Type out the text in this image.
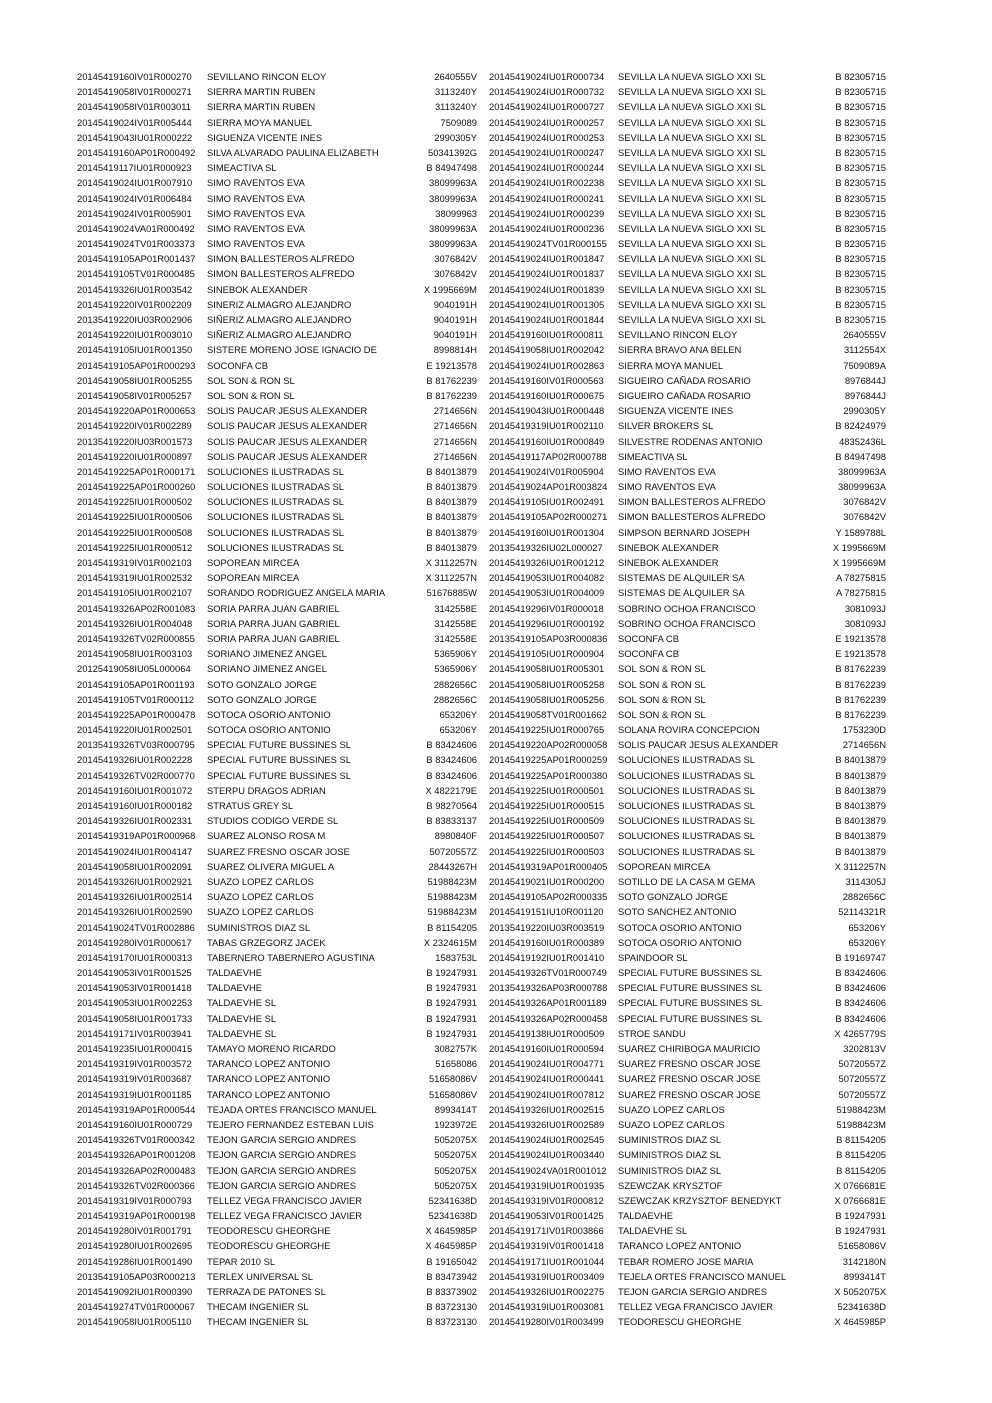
20145419160IV01R000270	SEVILLANO RINCON ELOY	2640555V
20145419058IV01R000271	SIERRA MARTIN RUBEN	3113240Y
20145419058IV01R003011	SIERRA MARTIN RUBEN	3113240Y
20145419024IV01R005444	SIERRA MOYA MANUEL	7509089
20145419043IU01R000222	SIGUENZA VICENTE INES	2990305Y
20145419160AP01R000492	SILVA ALVARADO PAULINA ELIZABETH	50341392G
20145419117IU01R000923	SIMEACTIVA SL	B 84947498
20145419024IU01R007910	SIMO RAVENTOS EVA	38099963A
20145419024IV01R006484	SIMO RAVENTOS EVA	38099963A
20145419024IV01R005901	SIMO RAVENTOS EVA	38099963
20145419024VA01R000492	SIMO RAVENTOS EVA	38099963A
20145419024TV01R003373	SIMO RAVENTOS EVA	38099963A
20145419105AP01R001437	SIMON BALLESTEROS ALFREDO	3076842V
20145419105TV01R000485	SIMON BALLESTEROS ALFREDO	3076842V
20145419326IU01R003542	SINEBOK ALEXANDER	X 1995669M
20145419220IV01R002209	SINERIZ ALMAGRO ALEJANDRO	9040191H
20135419220IU03R002906	SIÑERIZ ALMAGRO ALEJANDRO	9040191H
20145419220IU01R003010	SIÑERIZ ALMAGRO ALEJANDRO	9040191H
20145419105IU01R001350	SISTERE MORENO JOSE IGNACIO DE	8998814H
20145419105AP01R000293	SOCONFA CB	E 19213578
20145419058IU01R005255	SOL SON & RON SL	B 81762239
20145419058IV01R005257	SOL SON & RON SL	B 81762239
20145419220AP01R000653	SOLIS PAUCAR JESUS ALEXANDER	2714656N
20145419220IV01R002289	SOLIS PAUCAR JESUS ALEXANDER	2714656N
20135419220IU03R001573	SOLIS PAUCAR JESUS ALEXANDER	2714656N
20145419220IU01R000897	SOLIS PAUCAR JESUS ALEXANDER	2714656N
20145419225AP01R000171	SOLUCIONES ILUSTRADAS SL	B 84013879
20145419225AP01R000260	SOLUCIONES ILUSTRADAS SL	B 84013879
20145419225IU01R000502	SOLUCIONES ILUSTRADAS SL	B 84013879
20145419225IU01R000506	SOLUCIONES ILUSTRADAS SL	B 84013879
20145419225IU01R000508	SOLUCIONES ILUSTRADAS SL	B 84013879
20145419225IU01R000512	SOLUCIONES ILUSTRADAS SL	B 84013879
20145419319IV01R002103	SOPOREAN MIRCEA	X 3112257N
20145419319IU01R002532	SOPOREAN MIRCEA	X 3112257N
20145419105IU01R002107	SORANDO RODRIGUEZ ANGELA MARIA	51676885W
20145419326AP02R001083	SORIA PARRA JUAN GABRIEL	3142558E
20145419326IU01R004048	SORIA PARRA JUAN GABRIEL	3142558E
20145419326TV02R000855	SORIA PARRA JUAN GABRIEL	3142558E
20145419058IU01R003103	SORIANO JIMENEZ ANGEL	5365906Y
20125419058IU05L000064	SORIANO JIMENEZ ANGEL	5365906Y
20145419105AP01R001193	SOTO GONZALO JORGE	2882656C
20145419105TV01R000112	SOTO GONZALO JORGE	2882656C
20145419225AP01R000478	SOTOCA OSORIO ANTONIO	653206Y
20145419220IU01R002501	SOTOCA OSORIO ANTONIO	653206Y
20135419326TV03R000795	SPECIAL FUTURE BUSSINES SL	B 83424606
20145419326IU01R002228	SPECIAL FUTURE BUSSINES SL	B 83424606
20145419326TV02R000770	SPECIAL FUTURE BUSSINES SL	B 83424606
20145419160IU01R001072	STERPU DRAGOS ADRIAN	X 4822179E
20145419160IU01R000182	STRATUS GREY SL	B 98270564
20145419326IU01R002331	STUDIOS CODIGO VERDE SL	B 83833137
20145419319AP01R000968	SUAREZ ALONSO ROSA M	8980840F
20145419024IU01R004147	SUAREZ FRESNO OSCAR JOSE	50720557Z
20145419058IU01R002091	SUAREZ OLIVERA MIGUEL A	28443267H
20145419326IU01R002921	SUAZO LOPEZ CARLOS	51988423M
20145419326IU01R002514	SUAZO LOPEZ CARLOS	51988423M
20145419326IU01R002590	SUAZO LOPEZ CARLOS	51988423M
20145419024TV01R002886	SUMINISTROS DIAZ SL	B 81154205
20145419280IV01R000617	TABAS GRZEGORZ JACEK	X 2324615M
20145419170IU01R000313	TABERNERO TABERNERO AGUSTINA	1583753L
20145419053IV01R001525	TALDAEVHE	B 19247931
20145419053IV01R001418	TALDAEVHE	B 19247931
20145419053IU01R002253	TALDAEVHE SL	B 19247931
20145419058IU01R001733	TALDAEVHE SL	B 19247931
20145419171IV01R003941	TALDAEVHE SL	B 19247931
20145419235IU01R000415	TAMAYO MORENO RICARDO	3082757K
20145419319IV01R003572	TARANCO LOPEZ ANTONIO	51658086
20145419319IV01R003687	TARANCO LOPEZ ANTONIO	51658086V
20145419319IU01R001185	TARANCO LOPEZ ANTONIO	51658086V
20145419319AP01R000544	TEJADA ORTES FRANCISCO MANUEL	8993414T
20145419160IU01R000729	TEJERO FERNANDEZ ESTEBAN LUIS	1923972E
20145419326TV01R000342	TEJON GARCIA SERGIO ANDRES	5052075X
20145419326AP01R001208	TEJON GARCIA SERGIO ANDRES	5052075X
20145419326AP02R000483	TEJON GARCIA SERGIO ANDRES	5052075X
20145419326TV02R000366	TEJON GARCIA SERGIO ANDRES	5052075X
20145419319IV01R000793	TELLEZ VEGA FRANCISCO JAVIER	52341638D
20145419319AP01R000198	TELLEZ VEGA FRANCISCO JAVIER	52341638D
20145419280IV01R001791	TEODORESCU GHEORGHE	X 4645985P
20145419280IU01R002695	TEODORESCU GHEORGHE	X 4645985P
20145419286IU01R001490	TEPAR 2010 SL	B 19165042
20135419105AP03R000213	TERLEX UNIVERSAL SL	B 83473942
20145419092IU01R000390	TERRAZA DE PATONES SL	B 83373902
20145419274TV01R000067	THECAM INGENIER SL	B 83723130
20145419058IU01R005110	THECAM INGENIER SL	B 83723130
20145419024IU01R000734	SEVILLA LA NUEVA SIGLO XXI SL	B 82305715
20145419024IU01R000732	SEVILLA LA NUEVA SIGLO XXI SL	B 82305715
20145419024IU01R000727	SEVILLA LA NUEVA SIGLO XXI SL	B 82305715
20145419024IU01R000257	SEVILLA LA NUEVA SIGLO XXI SL	B 82305715
20145419024IU01R000253	SEVILLA LA NUEVA SIGLO XXI SL	B 82305715
20145419024IU01R000247	SEVILLA LA NUEVA SIGLO XXI SL	B 82305715
20145419024IU01R000244	SEVILLA LA NUEVA SIGLO XXI SL	B 82305715
20145419024IU01R002238	SEVILLA LA NUEVA SIGLO XXI SL	B 82305715
20145419024IU01R000241	SEVILLA LA NUEVA SIGLO XXI SL	B 82305715
20145419024IU01R000239	SEVILLA LA NUEVA SIGLO XXI SL	B 82305715
20145419024IU01R000236	SEVILLA LA NUEVA SIGLO XXI SL	B 82305715
20145419024TV01R000155	SEVILLA LA NUEVA SIGLO XXI SL	B 82305715
20145419024IU01R001847	SEVILLA LA NUEVA SIGLO XXI SL	B 82305715
20145419024IU01R001837	SEVILLA LA NUEVA SIGLO XXI SL	B 82305715
20145419024IU01R001839	SEVILLA LA NUEVA SIGLO XXI SL	B 82305715
20145419024IU01R001305	SEVILLA LA NUEVA SIGLO XXI SL	B 82305715
20145419024IU01R001844	SEVILLA LA NUEVA SIGLO XXI SL	B 82305715
20145419160IU01R000811	SEVILLANO RINCON ELOY	2640555V
20145419058IU01R002042	SIERRA BRAVO ANA BELEN	3112554X
20145419024IU01R002863	SIERRA MOYA MANUEL	7509089A
20145419160IV01R000563	SIGUEIRO CAÑADA ROSARIO	8976844J
20145419160IU01R000675	SIGUEIRO CAÑADA ROSARIO	8976844J
20145419043IU01R000448	SIGUENZA VICENTE INES	2990305Y
20145419319IU01R002110	SILVER BROKERS SL	B 82424979
20145419160IU01R000849	SILVESTRE RODENAS ANTONIO	48352436L
20145419117AP02R000788	SIMEACTIVA SL	B 84947498
20145419024IV01R005904	SIMO RAVENTOS EVA	38099963A
20145419024AP01R003824	SIMO RAVENTOS EVA	38099963A
20145419105IU01R002491	SIMON BALLESTEROS ALFREDO	3076842V
20145419105AP02R000271	SIMON BALLESTEROS ALFREDO	3076842V
20145419160IU01R001304	SIMPSON BERNARD JOSEPH	Y 1589788L
20135419326IU02L000027	SINEBOK ALEXANDER	X 1995669M
20145419326IU01R001212	SINEBOK ALEXANDER	X 1995669M
20145419053IU01R004082	SISTEMAS DE ALQUILER SA	A 78275815
20145419053IU01R004009	SISTEMAS DE ALQUILER SA	A 78275815
20145419296IV01R000018	SOBRINO OCHOA FRANCISCO	3081093J
20145419296IU01R000192	SOBRINO OCHOA FRANCISCO	3081093J
20135419105AP03R000836	SOCONFA CB	E 19213578
20145419105IU01R000904	SOCONFA CB	E 19213578
20145419058IU01R005301	SOL SON & RON SL	B 81762239
20145419058IU01R005258	SOL SON & RON SL	B 81762239
20145419058IU01R005256	SOL SON & RON SL	B 81762239
20145419058TV01R001662	SOL SON & RON SL	B 81762239
20145419225IU01R000765	SOLANA ROVIRA CONCEPCION	1753230D
20145419220AP02R000058	SOLIS PAUCAR JESUS ALEXANDER	2714656N
20145419225AP01R000259	SOLUCIONES ILUSTRADAS SL	B 84013879
20145419225AP01R000380	SOLUCIONES ILUSTRADAS SL	B 84013879
20145419225IU01R000501	SOLUCIONES ILUSTRADAS SL	B 84013879
20145419225IU01R000515	SOLUCIONES ILUSTRADAS SL	B 84013879
20145419225IU01R000509	SOLUCIONES ILUSTRADAS SL	B 84013879
20145419225IU01R000507	SOLUCIONES ILUSTRADAS SL	B 84013879
20145419225IU01R000503	SOLUCIONES ILUSTRADAS SL	B 84013879
20145419319AP01R000405	SOPOREAN MIRCEA	X 3112257N
20145419021IU01R000200	SOTILLO DE LA CASA M GEMA	3114305J
20145419105AP02R000335	SOTO GONZALO JORGE	2882656C
20145419151IU10R001120	SOTO SANCHEZ ANTONIO	52114321R
20135419220IU03R003519	SOTOCA OSORIO ANTONIO	653206Y
20145419160IU01R000389	SOTOCA OSORIO ANTONIO	653206Y
20145419192IU01R001410	SPAINDOOR SL	B 19169747
20145419326TV01R000749	SPECIAL FUTURE BUSSINES SL	B 83424606
20135419326AP03R000788	SPECIAL FUTURE BUSSINES SL	B 83424606
20145419326AP01R001189	SPECIAL FUTURE BUSSINES SL	B 83424606
20145419326AP02R000458	SPECIAL FUTURE BUSSINES SL	B 83424606
20145419138IU01R000509	STROE SANDU	X 4265779S
20145419160IU01R000594	SUAREZ CHIRIBOGA MAURICIO	3202813V
20145419024IU01R004771	SUAREZ FRESNO OSCAR JOSE	50720557Z
20145419024IU01R000441	SUAREZ FRESNO OSCAR JOSE	50720557Z
20145419024IU01R007812	SUAREZ FRESNO OSCAR JOSE	50720557Z
20145419326IU01R002515	SUAZO LOPEZ CARLOS	51988423M
20145419326IU01R002589	SUAZO LOPEZ CARLOS	51988423M
20145419024IU01R002545	SUMINISTROS DIAZ SL	B 81154205
20145419024IU01R003440	SUMINISTROS DIAZ SL	B 81154205
20145419024VA01R001012	SUMINISTROS DIAZ SL	B 81154205
20145419319IU01R001935	SZEWCZAK KRYSZTOF	X 0766681E
20145419319IV01R000812	SZEWCZAK KRZYSZTOF BENEDYKT	X 0766681E
20145419053IV01R001425	TALDAEVHE	B 19247931
20145419171IV01R003866	TALDAEVHE SL	B 19247931
20145419319IV01R001418	TARANCO LOPEZ ANTONIO	51658086V
20145419171IU01R001044	TEBAR ROMERO JOSE MARIA	3142180N
20145419319IU01R003409	TEJELA ORTES FRANCISCO MANUEL	8993414T
20145419326IU01R002275	TEJON GARCIA SERGIO ANDRES	X 5052075X
20145419319IU01R003081	TELLEZ VEGA FRANCISCO JAVIER	52341638D
20145419280IV01R003499	TEODORESCU GHEORGHE	X 4645985P
